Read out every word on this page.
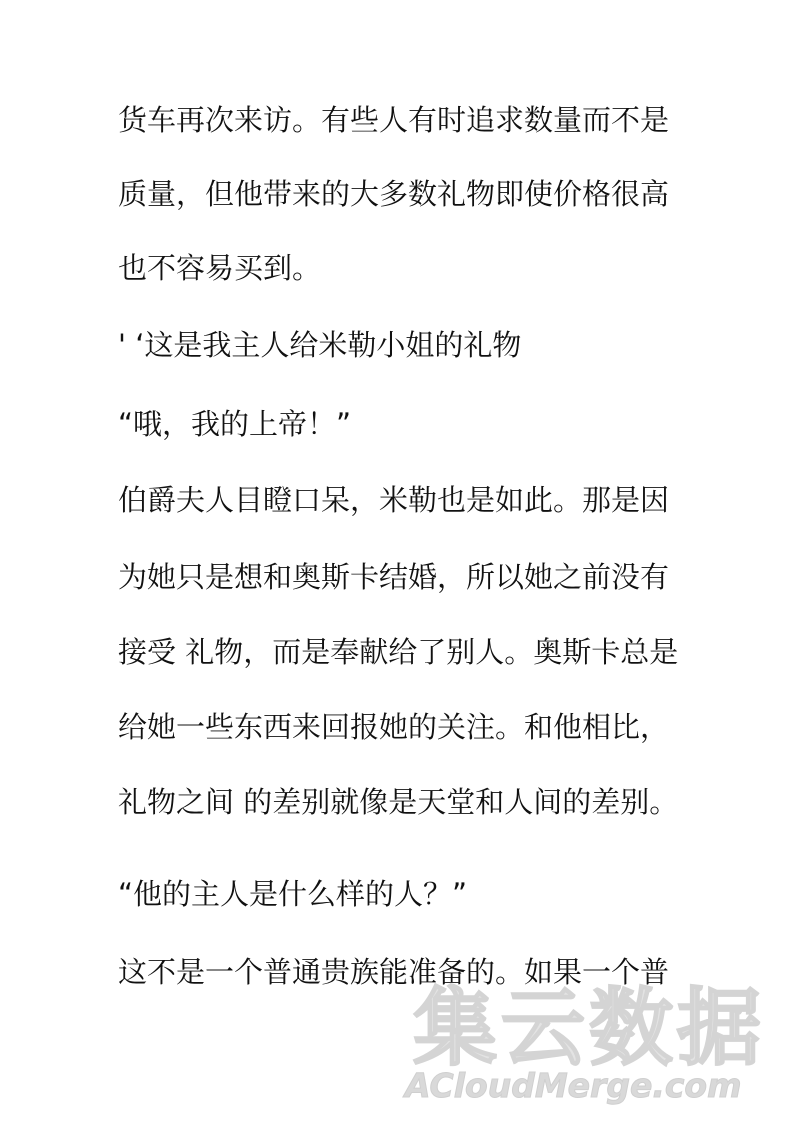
货车再次来访。有些人有时追求数量而不是
质量，但他带来的大多数礼物即使价格很高
也不容易买到。
' ‘这是我主人给米勒小姐的礼物
“哦，我的上帝！”
伯爵夫人目瞪口呆，米勒也是如此。那是因
为她只是想和奥斯卡结婚，所以她之前没有
接受 礼物，而是奉献给了别人。奥斯卡总是
给她一些东西来回报她的关注。和他相比，
礼物之间 的差别就像是天堂和人间的差别。
“他的主人是什么样的人？”
这不是一个普通贵族能准备的。如果一个普
集云数据
ACloudMerge.com
